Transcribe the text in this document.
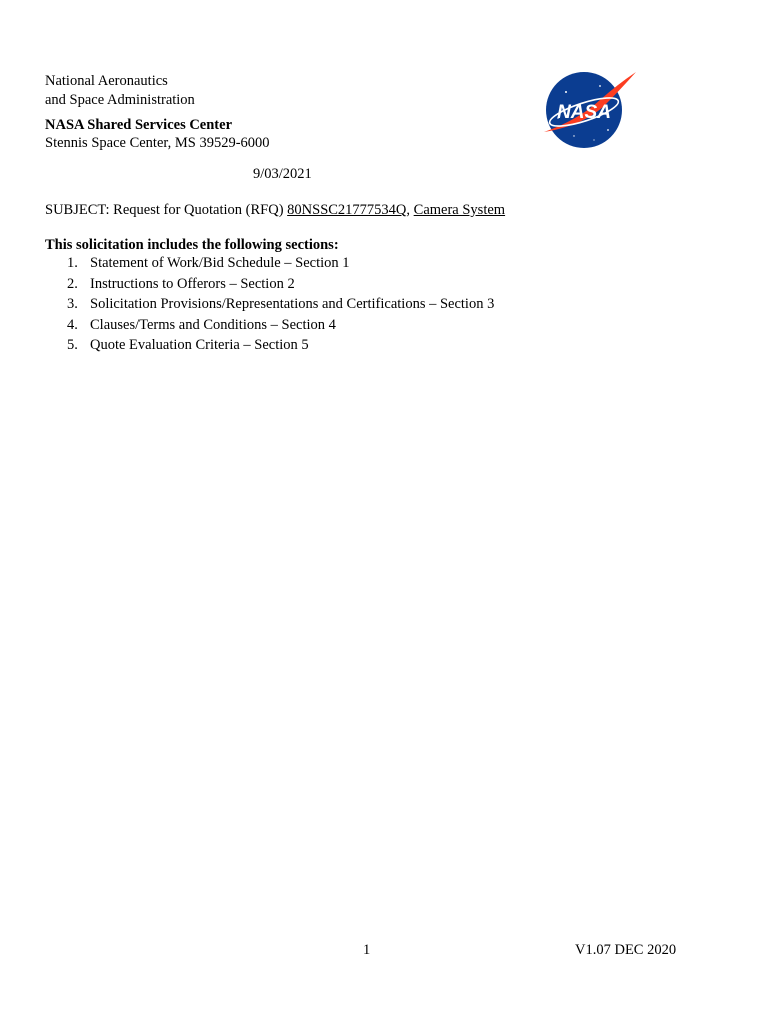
National Aeronautics
and Space Administration
NASA Shared Services Center
Stennis Space Center, MS 39529-6000
NASA
9/03/2021
SUBJECT: Request for Quotation (RFQ) 80NSSC21777534Q, Camera System
This solicitation includes the following sections:
1. Statement of Work/Bid Schedule – Section 1
2. Instructions to Offerors – Section 2
3. Solicitation Provisions/Representations and Certifications – Section 3
4. Clauses/Terms and Conditions – Section 4
5. Quote Evaluation Criteria – Section 5
1	V1.07 DEC 2020
